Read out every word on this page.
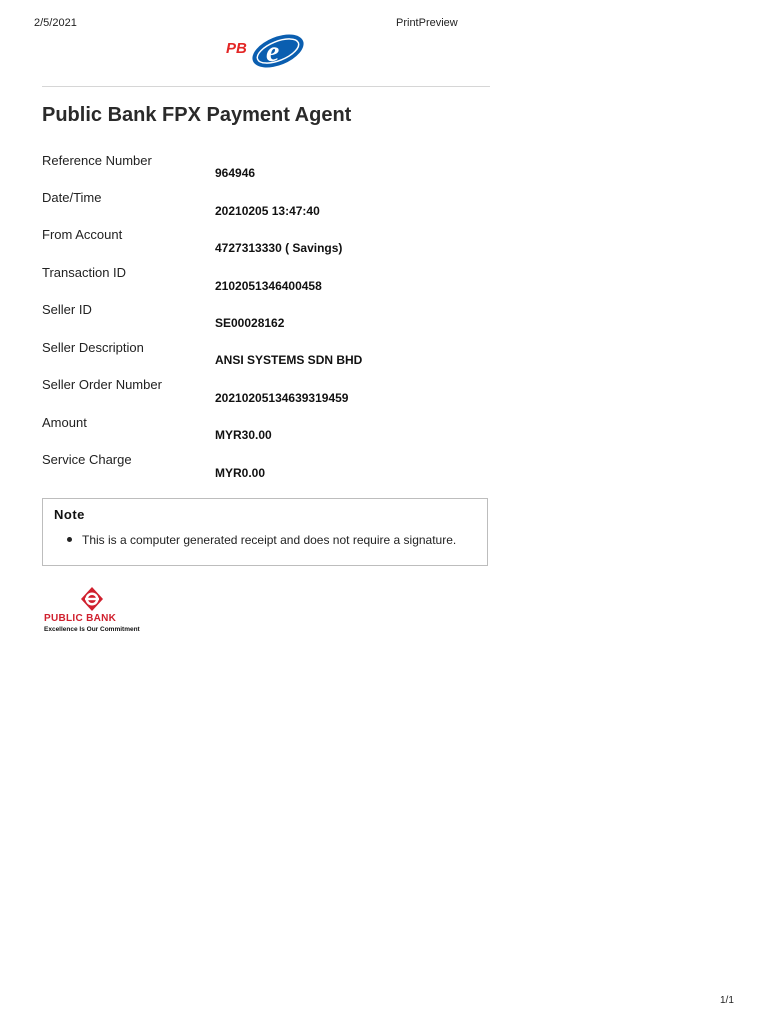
2/5/2021	PrintPreview
PB e
Public Bank FPX Payment Agent
Reference Number
964946
Date/Time
20210205 13:47:40
From Account
4727313330 ( Savings)
Transaction ID
2102051346400458
Seller ID
SE00028162
Seller Description
ANSI SYSTEMS SDN BHD
Seller Order Number
20210205134639319459
Amount
MYR30.00
Service Charge
MYR0.00
Note
This is a computer generated receipt and does not require a signature.
PUBLIC BANK
Excellence Is Our Commitment
1/1
